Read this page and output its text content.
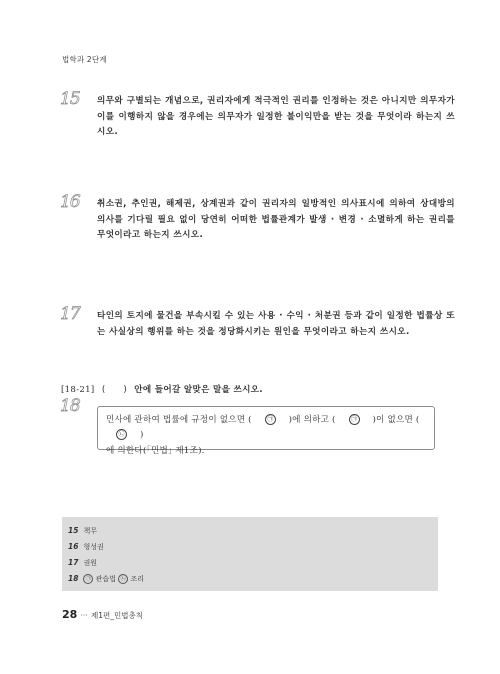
법학과 2단계
15 의무와 구별되는 개념으로, 권리자에게 적극적인 권리를 인정하는 것은 아니지만 의무자가 이를 이행하지 않을 경우에는 의무자가 일정한 불이익만을 받는 것을 무엇이라 하는지 쓰시오.
16 취소권, 추인권, 해제권, 상계권과 같이 권리자의 일방적인 의사표시에 의하여 상대방의 의사를 기다릴 필요 없이 당연히 어떠한 법률관계가 발생 · 변경 · 소멸하게 하는 권리를 무엇이라고 하는지 쓰시오.
17 타인의 토지에 물건을 부속시킬 수 있는 사용 · 수익 · 처분권 등과 같이 일정한 법률상 또는 사실상의 행위를 하는 것을 정당화시키는 원인을 무엇이라고 하는지 쓰시오.
[18-21] (　　) 안에 들어갈 알맞은 말을 쓰시오.
18
민사에 관하여 법률에 규정이 없으면 (	㉠ )에 의하고 (	㉠ )이 없으면 ( ㉡ )
에 의한다(｢민법｣ 제1조).
15 책무
16 형성권
17 권원
18 ㉠ 관습법 ㉡ 조리
28 ··· 제1편_민법총칙
